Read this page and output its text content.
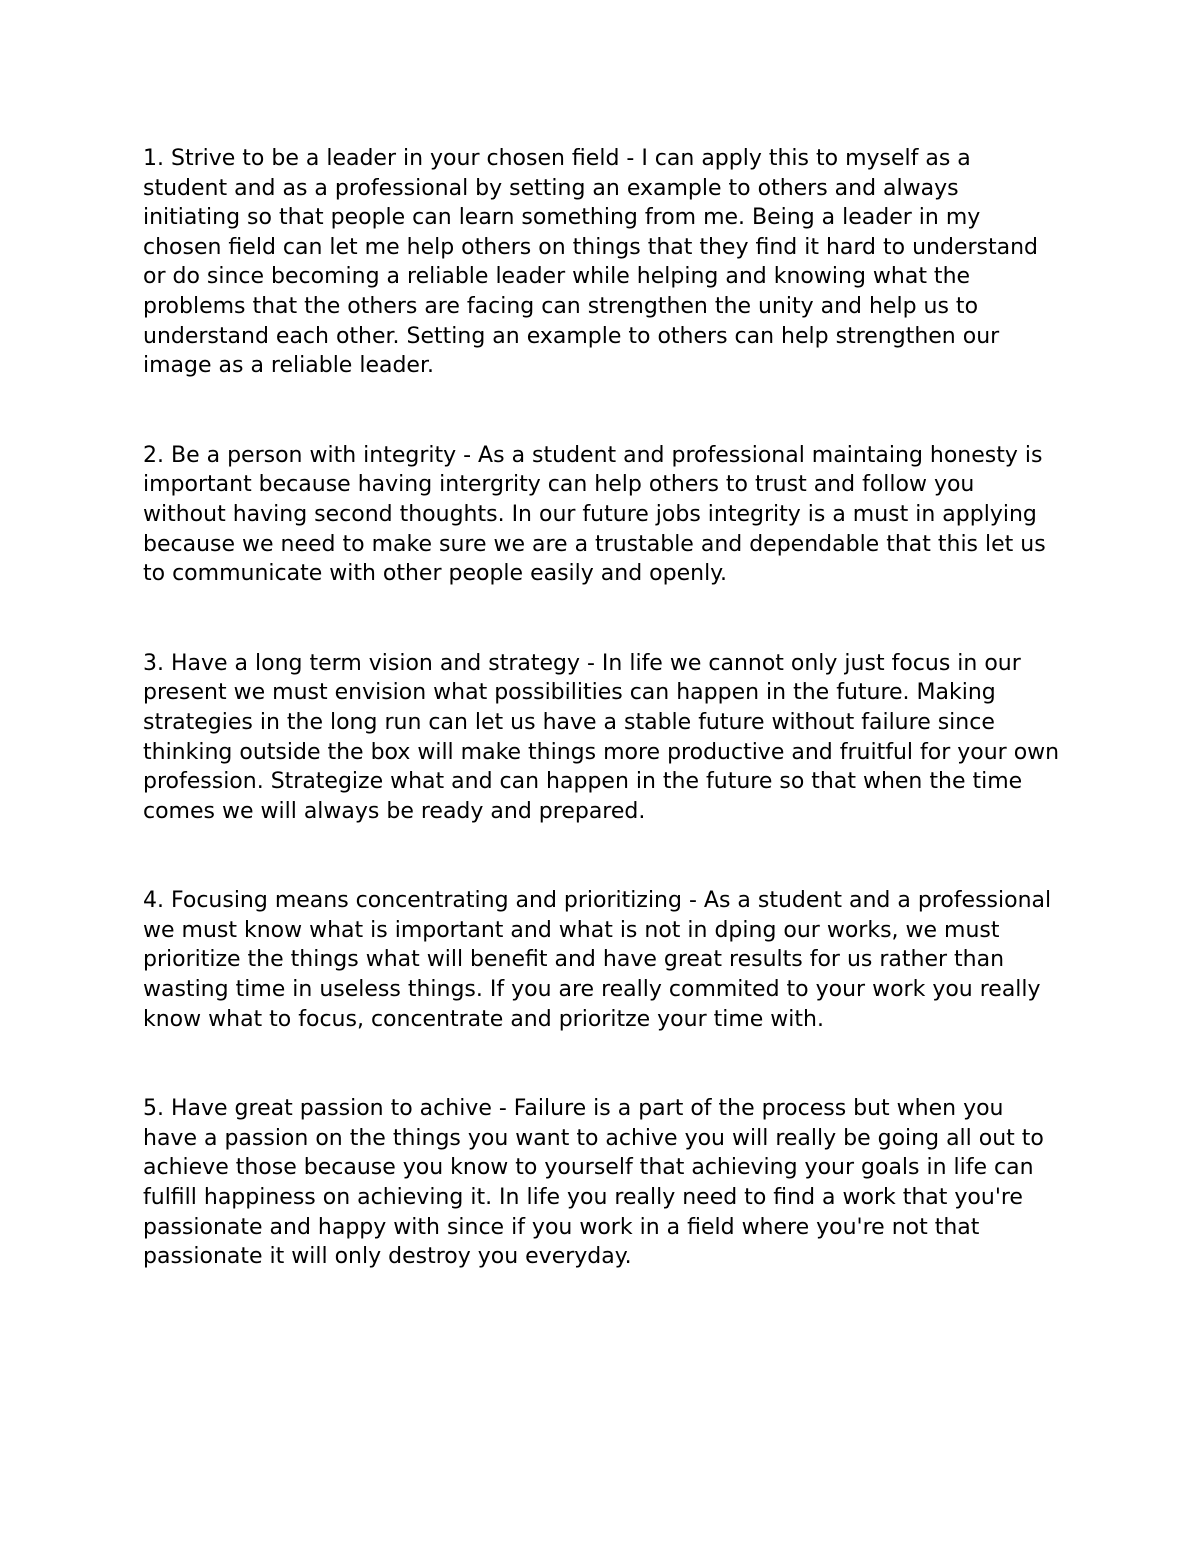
1. Strive to be a leader in your chosen field - I can apply this to myself as a student and as a professional by setting an example to others and always initiating so that people can learn something from me. Being a leader in my chosen field can let me help others on things that they find it hard to understand or do since becoming a reliable leader while helping and knowing what the problems that the others are facing can strengthen the unity and help us to understand each other. Setting an example to others can help strengthen our image as a reliable leader.

2. Be a person with integrity - As a student and professional maintaing honesty is important because having intergrity can help others to trust and follow you without having second thoughts. In our future jobs integrity is a must in applying because we need to make sure we are a trustable and dependable that this let us to communicate with other people easily and openly.

3. Have a long term vision and strategy - In life we cannot only just focus in our present we must envision what possibilities can happen in the future. Making strategies in the long run can let us have a stable future without failure since thinking outside the box will make things more productive and fruitful for your own profession. Strategize what and can happen in the future so that when the time comes we will always be ready and prepared.

4. Focusing means concentrating and prioritizing - As a student and a professional we must know what is important and what is not in dping our works, we must prioritize the things what will benefit and have great results for us rather than wasting time in useless things. If you are really commited to your work you really know what to focus, concentrate and prioritze your time with.

5. Have great passion to achive - Failure is a part of the process but when you have a passion on the things you want to achive you will really be going all out to achieve those because you know to yourself that achieving your goals in life can fulfill happiness on achieving it. In life you really need to find a work that you're passionate and happy with since if you work in a field where you're not that passionate it will only destroy you everyday.
